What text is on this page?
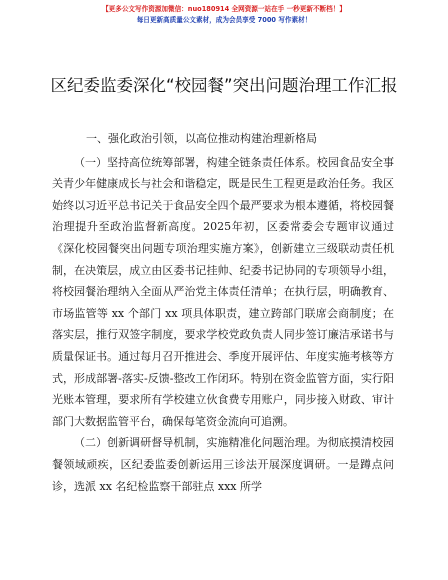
【更多公文写作资源加微信：nuo180914 全网资源一站在手 一秒更新不断档！】
每日更新高质量公文素材，成为会员享受 7000 写作素材！
区纪委监委深化“校园餐”突出问题治理工作汇报

一、强化政治引领，以高位推动构建治理新格局

（一）坚持高位统筹部署，构建全链条责任体系。校园食品安全事关青少年健康成长与社会和谐稳定，既是民生工程更是政治任务。我区始终以习近平总书记关于食品安全四个最严要求为根本遵循，将校园餐治理提升至政治监督新高度。2025年初，区委常委会专题审议通过《深化校园餐突出问题专项治理实施方案》，创新建立三级联动责任机制，在决策层，成立由区委书记挂帅、纪委书记协同的专项领导小组，将校园餐治理纳入全面从严治党主体责任清单；在执行层，明确教育、市场监管等 xx 个部门 xx 项具体职责，建立跨部门联席会商制度；在落实层，推行双签字制度，要求学校党政负责人同步签订廉洁承诺书与质量保证书。通过每月召开推进会、季度开展评估、年度实施考核等方式，形成部署-落实-反馈-整改工作闭环。特别在资金监管方面，实行阳光账本管理，要求所有学校建立伙食费专用账户，同步接入财政、审计部门大数据监管平台，确保每笔资金流向可追溯。

（二）创新调研督导机制，实施精准化问题治理。为彻底摸清校园餐领域顽疾，区纪委监委创新运用三诊法开展深度调研。一是蹲点问诊，选派 xx 名纪检监察干部驻点 xxx 所学
